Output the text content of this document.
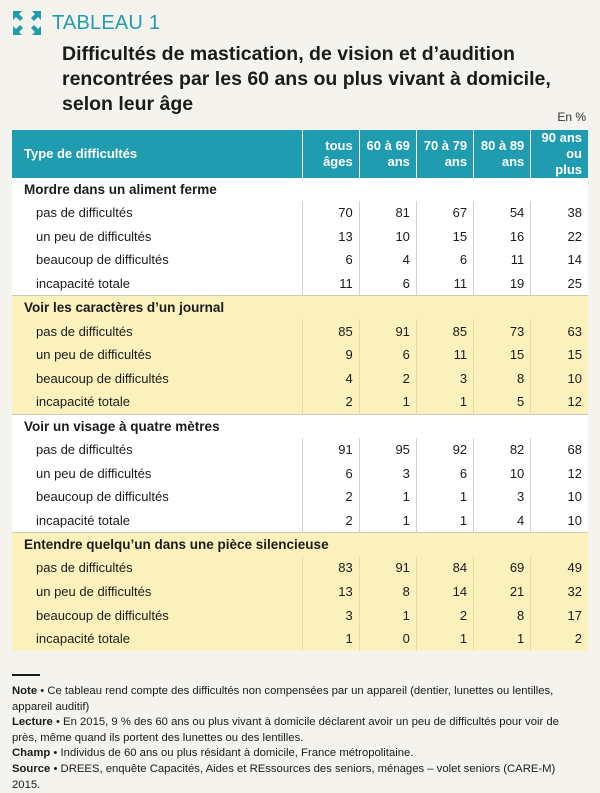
TABLEAU 1
Difficultés de mastication, de vision et d’audition rencontrées par les 60 ans ou plus vivant à domicile, selon leur âge
En %
Type de difficultés	tous âges	60 à 69 ans	70 à 79 ans	80 à 89 ans	90 ans ou plus
Mordre dans un aliment ferme					
pas de difficultés	70	81	67	54	38
un peu de difficultés	13	10	15	16	22
beaucoup de difficultés	6	4	6	11	14
incapacité totale	11	6	11	19	25
Voir les caractères d’un journal					
pas de difficultés	85	91	85	73	63
un peu de difficultés	9	6	11	15	15
beaucoup de difficultés	4	2	3	8	10
incapacité totale	2	1	1	5	12
Voir un visage à quatre mètres					
pas de difficultés	91	95	92	82	68
un peu de difficultés	6	3	6	10	12
beaucoup de difficultés	2	1	1	3	10
incapacité totale	2	1	1	4	10
Entendre quelqu’un dans une pièce silencieuse					
pas de difficultés	83	91	84	69	49
un peu de difficultés	13	8	14	21	32
beaucoup de difficultés	3	1	2	8	17
incapacité totale	1	0	1	1	2

Note • Ce tableau rend compte des difficultés non compensées par un appareil (dentier, lunettes ou lentilles, appareil auditif)

Lecture • En 2015, 9 % des 60 ans ou plus vivant à domicile déclarent avoir un peu de difficultés pour voir de près, même quand ils portent des lunettes ou des lentilles.

Champ • Individus de 60 ans ou plus résidant à domicile, France métropolitaine.

Source • DREES, enquête Capacités, Aides et REssources des seniors, ménages – volet seniors (CARE-M) 2015.
